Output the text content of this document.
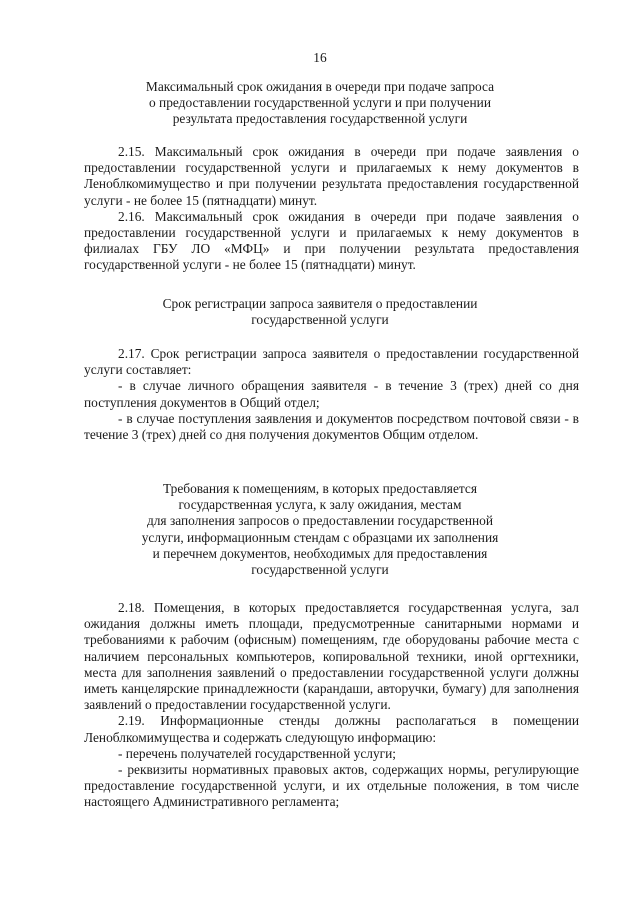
16
Максимальный срок ожидания в очереди при подаче запроса
о предоставлении государственной услуги и при получении
результата предоставления государственной услуги

2.15. Максимальный срок ожидания в очереди при подаче заявления о предоставлении государственной услуги и прилагаемых к нему документов в Леноблкомимущество и при получении результата предоставления государственной услуги - не более 15 (пятнадцати) минут.

2.16. Максимальный срок ожидания в очереди при подаче заявления о предоставлении государственной услуги и прилагаемых к нему документов в филиалах ГБУ ЛО «МФЦ» и при получении результата предоставления государственной услуги - не более 15 (пятнадцати) минут.

Срок регистрации запроса заявителя о предоставлении
государственной услуги

2.17. Срок регистрации запроса заявителя о предоставлении государственной услуги составляет:

- в случае личного обращения заявителя - в течение 3 (трех) дней со дня поступления документов в Общий отдел;

- в случае поступления заявления и документов посредством почтовой связи - в течение 3 (трех) дней со дня получения документов Общим отделом.

Требования к помещениям, в которых предоставляется
государственная услуга, к залу ожидания, местам
для заполнения запросов о предоставлении государственной
услуги, информационным стендам с образцами их заполнения
и перечнем документов, необходимых для предоставления
государственной услуги

2.18. Помещения, в которых предоставляется государственная услуга, зал ожидания должны иметь площади, предусмотренные санитарными нормами и требованиями к рабочим (офисным) помещениям, где оборудованы рабочие места с наличием персональных компьютеров, копировальной техники, иной оргтехники, места для заполнения заявлений о предоставлении государственной услуги должны иметь канцелярские принадлежности (карандаши, авторучки, бумагу) для заполнения заявлений о предоставлении государственной услуги.

2.19. Информационные стенды должны располагаться в помещении Леноблкомимущества и содержать следующую информацию:

- перечень получателей государственной услуги;

- реквизиты нормативных правовых актов, содержащих нормы, регулирующие предоставление государственной услуги, и их отдельные положения, в том числе настоящего Административного регламента;
